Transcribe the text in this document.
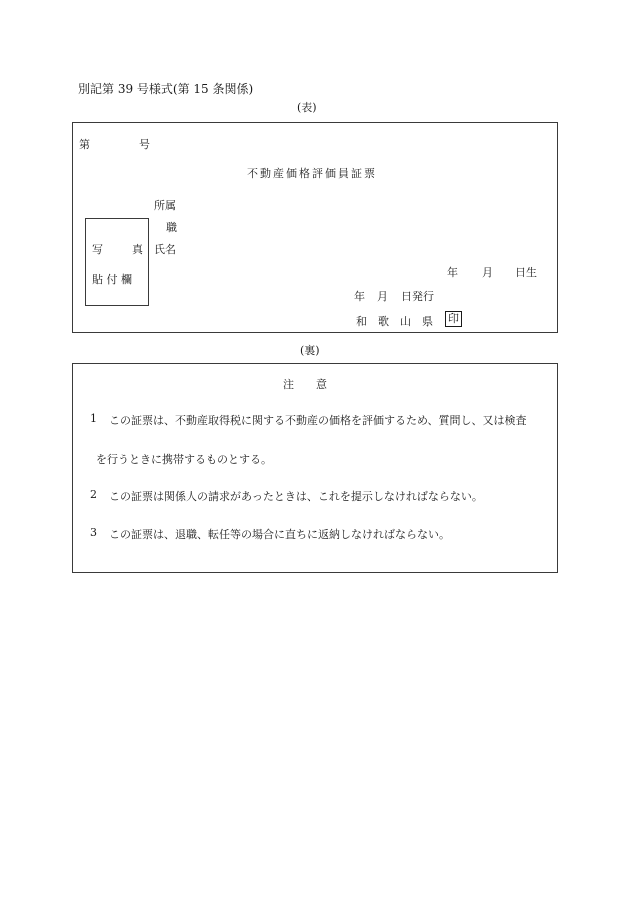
別記第 39 号様式(第 15 条関係)
(表)
第	号
不動産価格評価員証票
写	真
貼 付 欄
所属
職
氏名
年 月 日生
年 月 日発行
和　歌　山　県 印
(裏)
注　　意
1 この証票は、不動産取得税に関する不動産の価格を評価するため、質問し、又は検査
を行うときに携帯するものとする。
2 この証票は関係人の請求があったときは、これを提示しなければならない。
3 この証票は、退職、転任等の場合に直ちに返納しなければならない。
